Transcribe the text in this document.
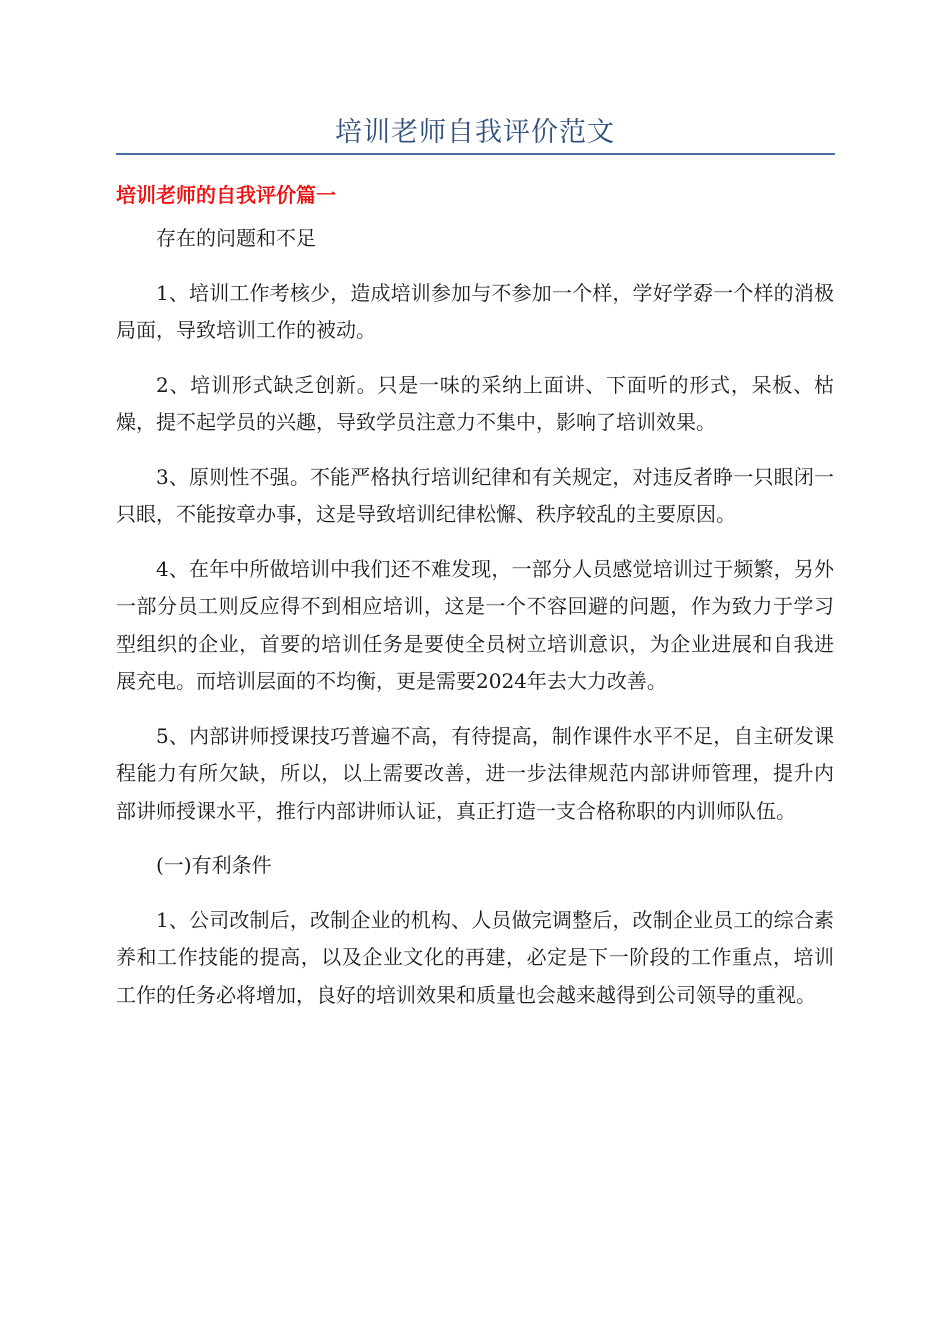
培训老师自我评价范文
培训老师的自我评价篇一

存在的问题和不足

1、培训工作考核少，造成培训参加与不参加一个样，学好学孬一个样的消极局面，导致培训工作的被动。

2、培训形式缺乏创新。只是一味的采纳上面讲、下面听的形式，呆板、枯燥，提不起学员的兴趣，导致学员注意力不集中，影响了培训效果。

3、原则性不强。不能严格执行培训纪律和有关规定，对违反者睁一只眼闭一只眼，不能按章办事，这是导致培训纪律松懈、秩序较乱的主要原因。

4、在年中所做培训中我们还不难发现，一部分人员感觉培训过于频繁，另外一部分员工则反应得不到相应培训，这是一个不容回避的问题，作为致力于学习型组织的企业，首要的培训任务是要使全员树立培训意识，为企业进展和自我进展充电。而培训层面的不均衡，更是需要2024年去大力改善。

5、内部讲师授课技巧普遍不高，有待提高，制作课件水平不足，自主研发课程能力有所欠缺，所以，以上需要改善，进一步法律规范内部讲师管理，提升内部讲师授课水平，推行内部讲师认证，真正打造一支合格称职的内训师队伍。

(一)有利条件

1、公司改制后，改制企业的机构、人员做完调整后，改制企业员工的综合素养和工作技能的提高，以及企业文化的再建，必定是下一阶段的工作重点，培训工作的任务必将增加，良好的培训效果和质量也会越来越得到公司领导的重视。
